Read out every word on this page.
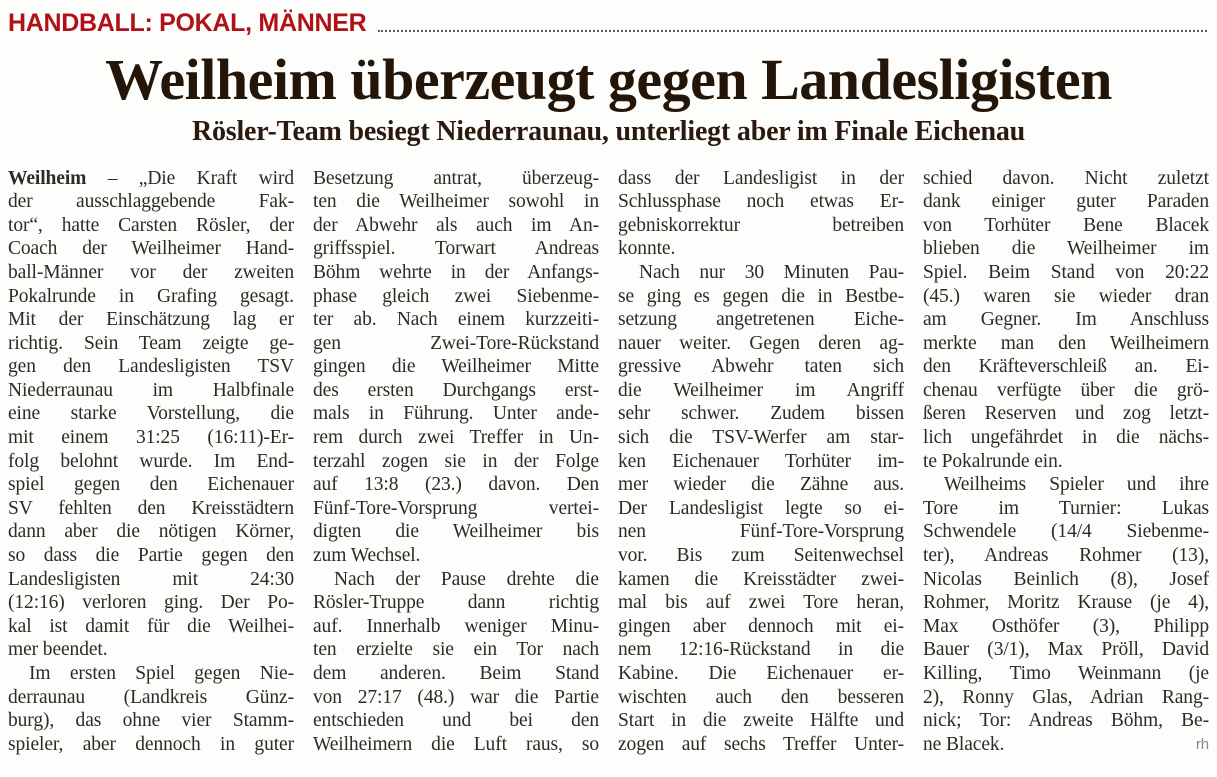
HANDBALL: POKAL, MÄNNER
Weilheim überzeugt gegen Landesligisten
Rösler-Team besiegt Niederraunau, unterliegt aber im Finale Eichenau
Weilheim – „Die Kraft wird
der ausschlaggebende Fak-
tor“, hatte Carsten Rösler, der
Coach der Weilheimer Hand-
ball-Männer vor der zweiten
Pokalrunde in Grafing gesagt.
Mit der Einschätzung lag er
richtig. Sein Team zeigte ge-
gen den Landesligisten TSV
Niederraunau im Halbfinale
eine starke Vorstellung, die
mit einem 31:25 (16:11)-Er-
folg belohnt wurde. Im End-
spiel gegen den Eichenauer
SV fehlten den Kreisstädtern
dann aber die nötigen Körner,
so dass die Partie gegen den
Landesligisten mit 24:30
(12:16) verloren ging. Der Po-
kal ist damit für die Weilhei-
mer beendet.
Im ersten Spiel gegen Nie-
derraunau (Landkreis Günz-
burg), das ohne vier Stamm-
spieler, aber dennoch in guter
Besetzung antrat, überzeug-
ten die Weilheimer sowohl in
der Abwehr als auch im An-
griffsspiel. Torwart Andreas
Böhm wehrte in der Anfangs-
phase gleich zwei Siebenme-
ter ab. Nach einem kurzzeiti-
gen Zwei-Tore-Rückstand
gingen die Weilheimer Mitte
des ersten Durchgangs erst-
mals in Führung. Unter ande-
rem durch zwei Treffer in Un-
terzahl zogen sie in der Folge
auf 13:8 (23.) davon. Den
Fünf-Tore-Vorsprung vertei-
digten die Weilheimer bis
zum Wechsel.
Nach der Pause drehte die
Rösler-Truppe dann richtig
auf. Innerhalb weniger Minu-
ten erzielte sie ein Tor nach
dem anderen. Beim Stand
von 27:17 (48.) war die Partie
entschieden und bei den
Weilheimern die Luft raus, so
dass der Landesligist in der
Schlussphase noch etwas Er-
gebniskorrektur betreiben
konnte.
Nach nur 30 Minuten Pau-
se ging es gegen die in Bestbe-
setzung angetretenen Eiche-
nauer weiter. Gegen deren ag-
gressive Abwehr taten sich
die Weilheimer im Angriff
sehr schwer. Zudem bissen
sich die TSV-Werfer am star-
ken Eichenauer Torhüter im-
mer wieder die Zähne aus.
Der Landesligist legte so ei-
nen Fünf-Tore-Vorsprung
vor. Bis zum Seitenwechsel
kamen die Kreisstädter zwei-
mal bis auf zwei Tore heran,
gingen aber dennoch mit ei-
nem 12:16-Rückstand in die
Kabine. Die Eichenauer er-
wischten auch den besseren
Start in die zweite Hälfte und
zogen auf sechs Treffer Unter-
schied davon. Nicht zuletzt
dank einiger guter Paraden
von Torhüter Bene Blacek
blieben die Weilheimer im
Spiel. Beim Stand von 20:22
(45.) waren sie wieder dran
am Gegner. Im Anschluss
merkte man den Weilheimern
den Kräfteverschleiß an. Ei-
chenau verfügte über die grö-
ßeren Reserven und zog letzt-
lich ungefährdet in die nächs-
te Pokalrunde ein.
Weilheims Spieler und ihre
Tore im Turnier: Lukas
Schwendele (14/4 Siebenme-
ter), Andreas Rohmer (13),
Nicolas Beinlich (8), Josef
Rohmer, Moritz Krause (je 4),
Max Osthöfer (3), Philipp
Bauer (3/1), Max Pröll, David
Killing, Timo Weinmann (je
2), Ronny Glas, Adrian Rang-
nick; Tor: Andreas Böhm, Be-
rh
ne Blacek.
